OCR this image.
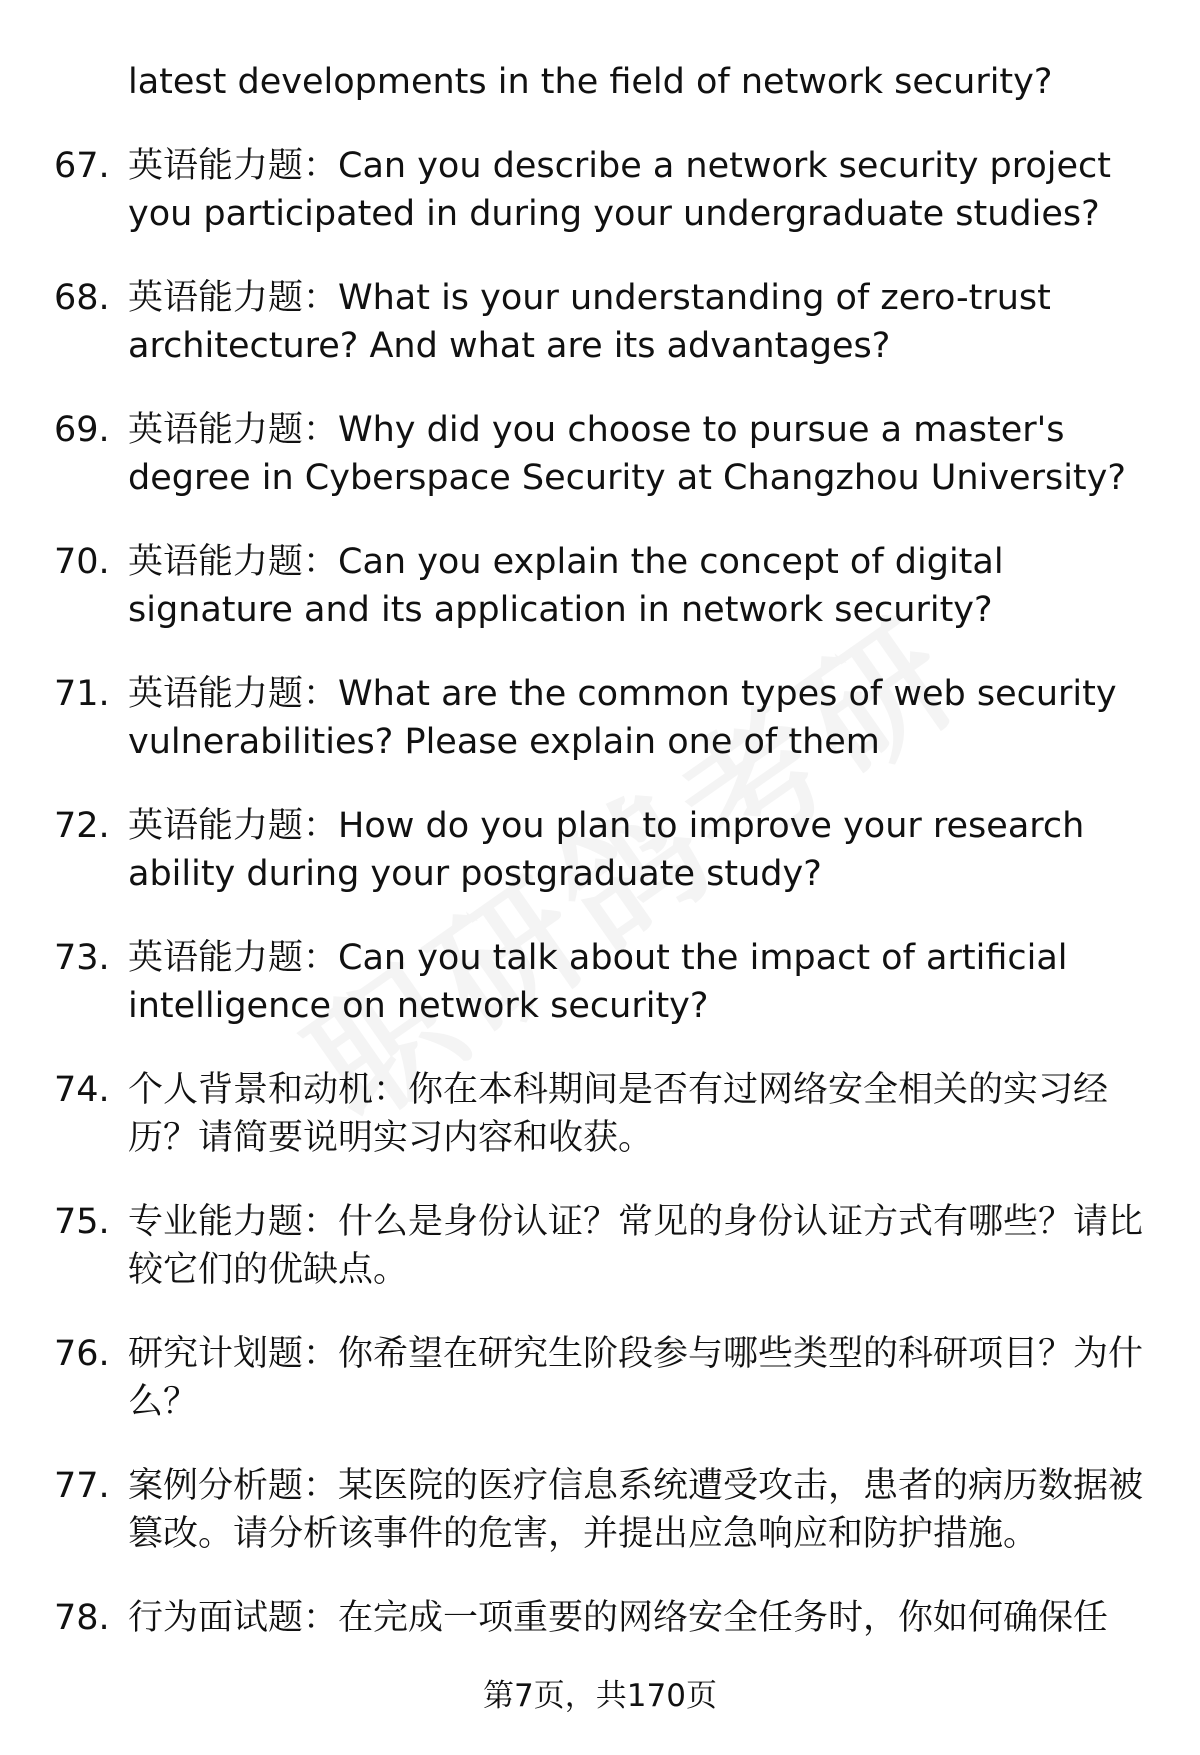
latest developments in the field of network security?
67. 英语能力题：Can you describe a network security project you participated in during your undergraduate studies?
68. 英语能力题：What is your understanding of zero-trust architecture? And what are its advantages?
69. 英语能力题：Why did you choose to pursue a master's degree in Cyberspace Security at Changzhou University?
70. 英语能力题：Can you explain the concept of digital signature and its application in network security?
71. 英语能力题：What are the common types of web security vulnerabilities? Please explain one of them
72. 英语能力题：How do you plan to improve your research ability during your postgraduate study?
73. 英语能力题：Can you talk about the impact of artificial intelligence on network security?
74. 个人背景和动机：你在本科期间是否有过网络安全相关的实习经历？请简要说明实习内容和收获。
75. 专业能力题：什么是身份认证？常见的身份认证方式有哪些？请比较它们的优缺点。
76. 研究计划题：你希望在研究生阶段参与哪些类型的科研项目？为什么？
77. 案例分析题：某医院的医疗信息系统遭受攻击，患者的病历数据被篡改。请分析该事件的危害，并提出应急响应和防护措施。
78. 行为面试题：在完成一项重要的网络安全任务时，你如何确保任
第7页，共170页
